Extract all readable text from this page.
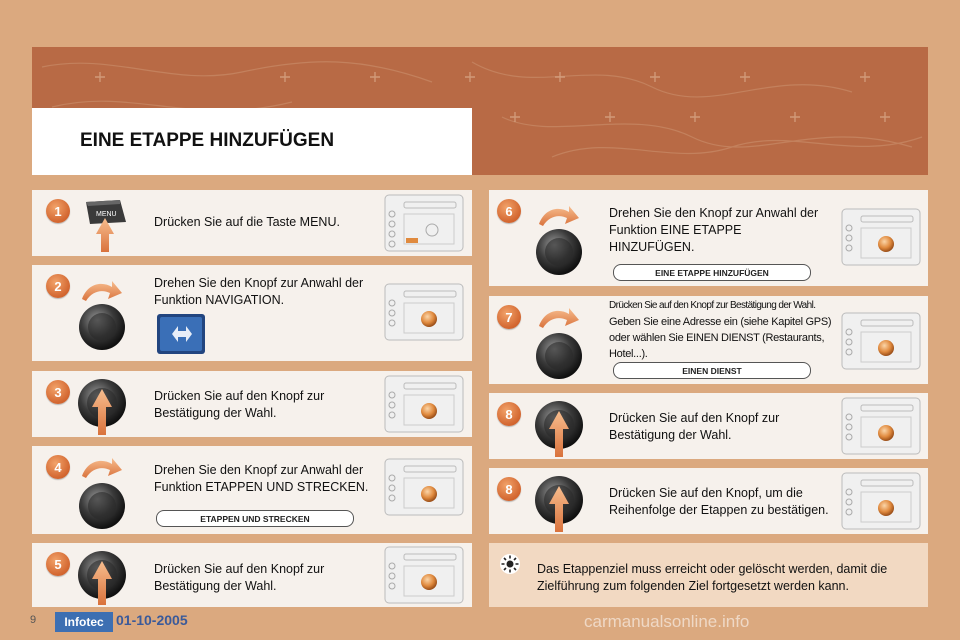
EINE ETAPPE HINZUFÜGEN
1	MENU
Drücken Sie auf die Taste MENU.
2	Drehen Sie den Knopf zur Anwahl der Funktion NAVIGATION.
3	Drücken Sie auf den Knopf zur Bestätigung der Wahl.
4	Drehen Sie den Knopf zur Anwahl der Funktion ETAPPEN UND STRECKEN.
ETAPPEN UND STRECKEN
5	Drücken Sie auf den Knopf zur Bestätigung der Wahl.
6	Drehen Sie den Knopf zur Anwahl der Funktion EINE ETAPPE HINZUFÜGEN.
EINE ETAPPE HINZUFÜGEN
7
Drücken Sie auf den Knopf zur Bestätigung der Wahl.
Geben Sie eine Adresse ein (siehe Kapitel GPS) oder wählen Sie EINEN DIENST (Restaurants, Hotel...).
EINEN DIENST
8	Drücken Sie auf den Knopf zur Bestätigung der Wahl.
8	Drücken Sie auf den Knopf, um die Reihenfolge der Etappen zu bestätigen.
Das Etappenziel muss erreicht oder gelöscht werden, damit die Zielführung zum folgenden Ziel fortgesetzt werden kann.
9	Infotec 01-10-2005	carmanualsonline.info
